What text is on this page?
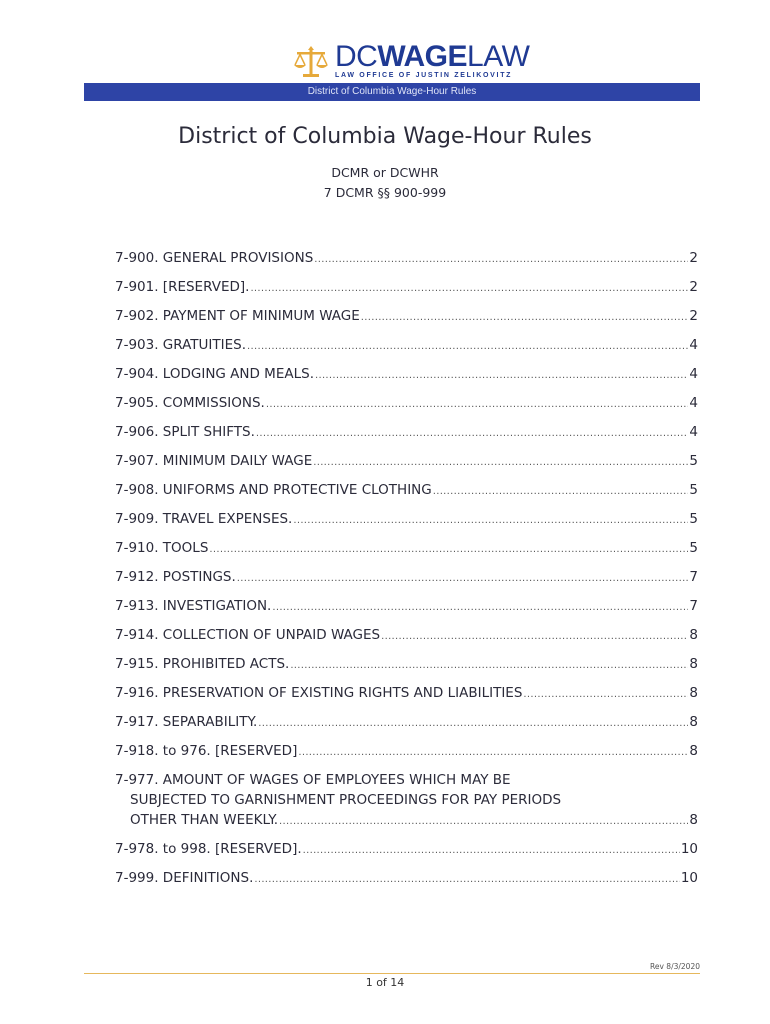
DCWAGELAW
LAW OFFICE OF JUSTIN ZELIKOVITZ
District of Columbia Wage-Hour Rules
District of Columbia Wage-Hour Rules
DCMR or DCWHR
7 DCMR §§ 900-999
7-900. GENERAL PROVISIONS .....	2
7-901. [RESERVED]. .....	2
7-902. PAYMENT OF MINIMUM WAGE .....	2
7-903. GRATUITIES. .....	4
7-904. LODGING AND MEALS. .....	4
7-905. COMMISSIONS. .....	4
7-906. SPLIT SHIFTS. .....	4
7-907. MINIMUM DAILY WAGE .....	5
7-908. UNIFORMS AND PROTECTIVE CLOTHING .....	5
7-909. TRAVEL EXPENSES. .....	5
7-910. TOOLS .....	5
7-912. POSTINGS. .....	7
7-913. INVESTIGATION. .....	7
7-914. COLLECTION OF UNPAID WAGES .....	8
7-915. PROHIBITED ACTS. .....	8
7-916. PRESERVATION OF EXISTING RIGHTS AND LIABILITIES .....	8
7-917. SEPARABILITY. .....	8
7-918. to 976. [RESERVED] .....	8
7-977. AMOUNT OF WAGES OF EMPLOYEES WHICH MAY BE
SUBJECTED TO GARNISHMENT PROCEEDINGS FOR PAY PERIODS
OTHER THAN WEEKLY. .....	8
7-978. to 998. [RESERVED]. .....	10
7-999. DEFINITIONS. .....	10
Rev 8/3/2020
1 of 14
